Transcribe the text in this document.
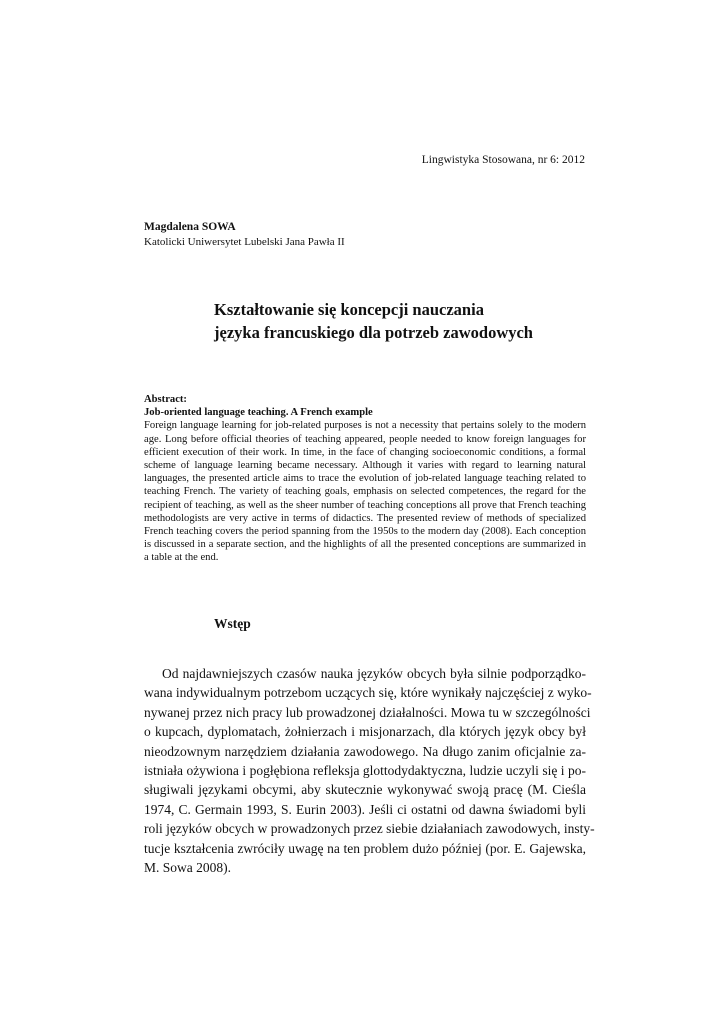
Lingwistyka Stosowana, nr 6: 2012
Magdalena SOWA
Katolicki Uniwersytet Lubelski Jana Pawła II
Kształtowanie się koncepcji nauczania
języka francuskiego dla potrzeb zawodowych
Abstract:
Job-oriented language teaching. A French example

Foreign language learning for job-related purposes is not a necessity that pertains solely to the modern age. Long before official theories of teaching appeared, people needed to know foreign languages for efficient execution of their work. In time, in the face of changing socioeconomic conditions, a formal scheme of language learning became necessary. Although it varies with regard to learning natural languages, the presented article aims to trace the evolution of job-related language teaching related to teaching French. The variety of teaching goals, emphasis on selected competences, the regard for the recipient of teaching, as well as the sheer number of teaching conceptions all prove that French teaching methodologists are very active in terms of didactics. The presented review of methods of specialized French teaching covers the period spanning from the 1950s to the modern day (2008). Each conception is discussed in a separate section, and the highlights of all the presented conceptions are summarized in a table at the end.

Wstęp
Od najdawniejszych czasów nauka języków obcych była silnie podporządko-
wana indywidualnym potrzebom uczących się, które wynikały najczęściej z wyko-
nywanej przez nich pracy lub prowadzonej działalności. Mowa tu w szczególności
o kupcach, dyplomatach, żołnierzach i misjonarzach, dla których język obcy był
nieodzownym narzędziem działania zawodowego. Na długo zanim oficjalnie za-
istniała ożywiona i pogłębiona refleksja glottodydaktyczna, ludzie uczyli się i po-
sługiwali językami obcymi, aby skutecznie wykonywać swoją pracę (M. Cieśla
1974, C. Germain 1993, S. Eurin 2003). Jeśli ci ostatni od dawna świadomi byli
roli języków obcych w prowadzonych przez siebie działaniach zawodowych, insty-
tucje kształcenia zwróciły uwagę na ten problem dużo później (por. E. Gajewska,
M. Sowa 2008).
